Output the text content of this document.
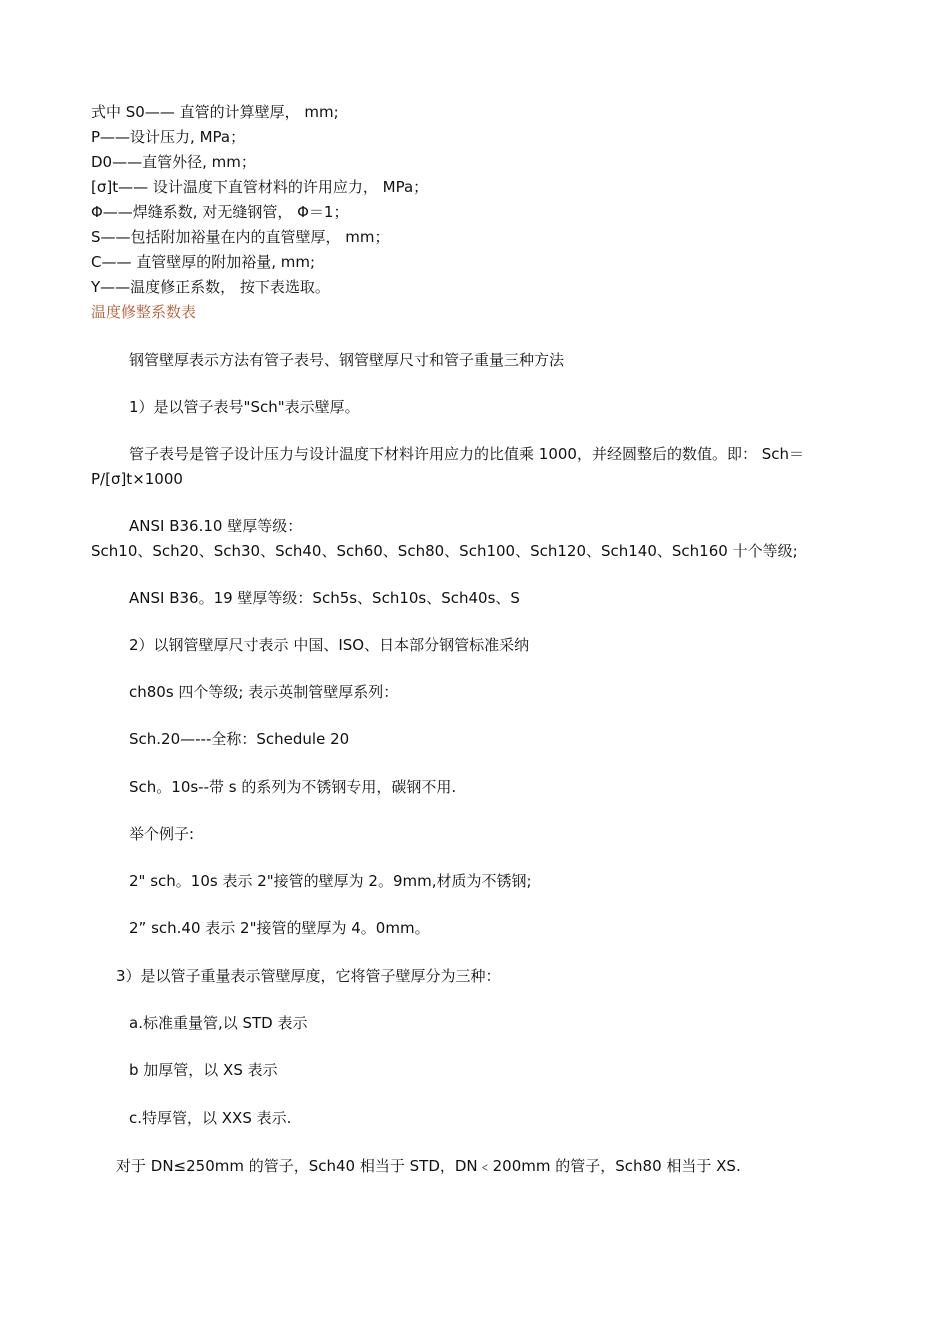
式中 S0—— 直管的计算壁厚， mm;
P——设计压力, MPa；
D0——直管外径, mm；
[σ]t—— 设计温度下直管材料的许用应力， MPa；
Φ——焊缝系数, 对无缝钢管， Φ＝1；
S——包括附加裕量在内的直管壁厚， mm；
C—— 直管壁厚的附加裕量, mm;
Y——温度修正系数， 按下表选取。
温度修整系数表
钢管壁厚表示方法有管子表号、钢管壁厚尺寸和管子重量三种方法
1）是以管子表号"Sch"表示壁厚。
管子表号是管子设计压力与设计温度下材料许用应力的比值乘 1000，并经圆整后的数值。即： Sch＝P/[σ]t×1000
ANSI B36.10 壁厚等级：
Sch10、Sch20、Sch30、Sch40、Sch60、Sch80、Sch100、Sch120、Sch140、Sch160 十个等级;
ANSI B36。19 壁厚等级：Sch5s、Sch10s、Sch40s、S
2）以钢管壁厚尺寸表示 中国、ISO、日本部分钢管标准采纳
ch80s 四个等级; 表示英制管壁厚系列：
Sch.20—---全称：Schedule 20
Sch。10s--带 s 的系列为不锈钢专用，碳钢不用.
举个例子:
2" sch。10s 表示 2"接管的壁厚为 2。9mm,材质为不锈钢;
2” sch.40 表示 2"接管的壁厚为 4。0mm。
3）是以管子重量表示管壁厚度，它将管子壁厚分为三种：
a.标准重量管,以 STD 表示
b 加厚管，以 XS 表示
c.特厚管，以 XXS 表示.
对于 DN≤250mm 的管子，Sch40 相当于 STD，DN﹤200mm 的管子，Sch80 相当于 XS.
